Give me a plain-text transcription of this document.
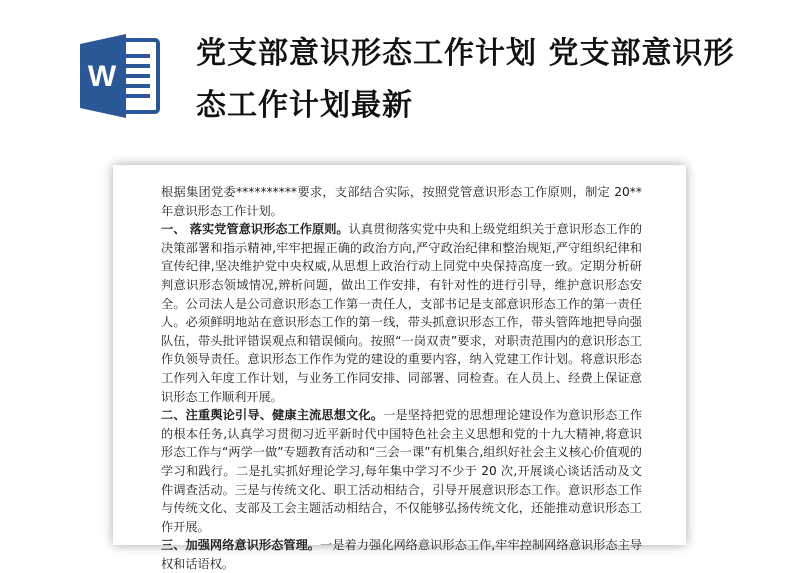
W
党支部意识形态工作计划 党支部意识形态工作计划最新

根据集团党委**********要求，支部结合实际，按照党管意识形态工作原则，制定 20**年意识形态工作计划。

一、 落实党管意识形态工作原则。认真贯彻落实党中央和上级党组织关于意识形态工作的决策部署和指示精神,牢牢把握正确的政治方向,严守政治纪律和整治规矩,严守组织纪律和宣传纪律,坚决维护党中央权威,从思想上政治行动上同党中央保持高度一致。定期分析研判意识形态领域情况,辨析问题，做出工作安排，有针对性的进行引导，维护意识形态安全。公司法人是公司意识形态工作第一责任人，支部书记是支部意识形态工作的第一责任人。必须鲜明地站在意识形态工作的第一线，带头抓意识形态工作，带头管阵地把导向强队伍，带头批评错误观点和错误倾向。按照“一岗双责”要求，对职责范围内的意识形态工作负领导责任。意识形态工作作为党的建设的重要内容，纳入党建工作计划。将意识形态工作列入年度工作计划，与业务工作同安排、同部署、同检查。在人员上、经费上保证意识形态工作顺利开展。

二、注重舆论引导、健康主流思想文化。一是坚持把党的思想理论建设作为意识形态工作的根本任务,认真学习贯彻习近平新时代中国特色社会主义思想和党的十九大精神,将意识形态工作与“两学一做”专题教育活动和“三会一课”有机集合,组织好社会主义核心价值观的学习和践行。二是扎实抓好理论学习,每年集中学习不少于 20 次,开展谈心谈话活动及文件调查活动。三是与传统文化、职工活动相结合，引导开展意识形态工作。意识形态工作与传统文化、支部及工会主题活动相结合，不仅能够弘扬传统文化，还能推动意识形态工作开展。

三、加强网络意识形态管理。一是着力强化网络意识形态工作,牢牢控制网络意识形态主导权和话语权。
